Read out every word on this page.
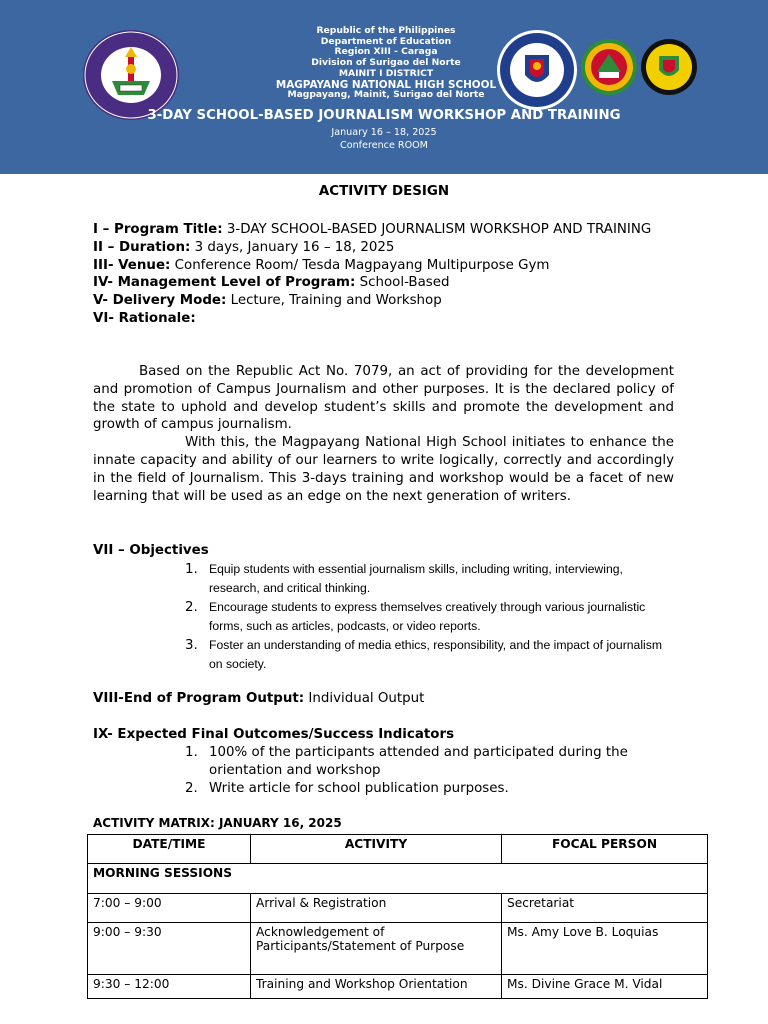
Republic of the Philippines
Department of Education
Region XIII - Caraga
Division of Surigao del Norte
MAINIT I DISTRICT
MAGPAYANG NATIONAL HIGH SCHOOL
Magpayang, Mainit, Surigao del Norte
3-DAY SCHOOL-BASED JOURNALISM WORKSHOP AND TRAINING
January 16 – 18, 2025
Conference ROOM
ACTIVITY DESIGN
I – Program Title: 3-DAY SCHOOL-BASED JOURNALISM WORKSHOP AND TRAINING
II – Duration: 3 days, January 16 – 18, 2025
III- Venue: Conference Room/ Tesda Magpayang Multipurpose Gym
IV- Management Level of Program: School-Based
V- Delivery Mode: Lecture, Training and Workshop
VI- Rationale:
Based on the Republic Act No. 7079, an act of providing for the development and promotion of Campus Journalism and other purposes. It is the declared policy of the state to uphold and develop student’s skills and promote the development and growth of campus journalism.
With this, the Magpayang National High School initiates to enhance the innate capacity and ability of our learners to write logically, correctly and accordingly in the field of Journalism. This 3-days training and workshop would be a facet of new learning that will be used as an edge on the next generation of writers.
VII – Objectives
1. Equip students with essential journalism skills, including writing, interviewing, research, and critical thinking.
2. Encourage students to express themselves creatively through various journalistic forms, such as articles, podcasts, or video reports.
3. Foster an understanding of media ethics, responsibility, and the impact of journalism on society.
VIII-End of Program Output: Individual Output
IX- Expected Final Outcomes/Success Indicators
1. 100% of the participants attended and participated during the orientation and workshop
2. Write article for school publication purposes.
ACTIVITY MATRIX: JANUARY 16, 2025
DATE/TIME	ACTIVITY	FOCAL PERSON
MORNING SESSIONS		
7:00 – 9:00	Arrival & Registration	Secretariat
9:00 – 9:30	Acknowledgement of Participants/Statement of Purpose	Ms. Amy Love B. Loquias
9:30 – 12:00	Training and Workshop Orientation	Ms. Divine Grace M. Vidal
